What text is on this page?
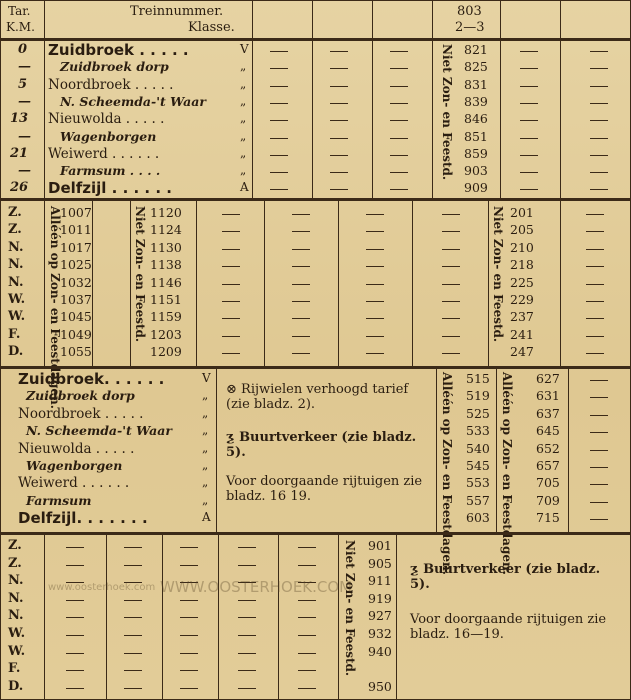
Tar.
K.M.
Treinnummer.
Klasse.
803
2—3
0 Zuidbroek . . . . .	V	821
— Zuidbroek dorp	„	825
5 Noordbroek . . . . .	„	831
— N. Scheemda-'t Waar	„	839
13 Nieuwolda . . . . .	„	846
— Wagenborgen	„	851
21 Weiwerd . . . . . .	„	859
— Farmsum . . . .	„	903
26 Delfzijl . . . . . .	A	909
Niet Zon- en Feestd.
Z.	1007	1120	201
Z.	1011	1124	205
N.	1017	1130	210
N.	1025	1138	218
N.	1032	1146	225
W.	1037	1151	229
W.	1045	1159	237
F.	1049	1203	241
D.	1055	1209	247
Alléén op Zon- en Feestdagen.	Niet Zon- en Feestd.	Niet Zon- en Feestd.
Zuidbroek. . . . . .	V	515	627
Zuidbroek dorp	„	519	631
Noordbroek . . . . .	„	525	637
N. Scheemda-'t Waar	„	533	645
Nieuwolda . . . . .	„	540	652
Wagenborgen	„	545	657
Weiwerd . . . . . .	„	553	705
Farmsum	„	557	709
Delfzijl. . . . . . .	A	603	715
⊗ Rijwielen verhoogd tarief (zie bladz. 2).
ƺ Buurtverkeer (zie bladz. 5).
Voor doorgaande rijtuigen zie bladz. 16 19.	Alléén op Zon- en Feestdagen.	Alléén op Zon- en Feestdagen.
Z.	901
Z.	905
N.	911
N.	919
N.	927
W.	932
W.	940
F.
D.	950
Niet Zon- en Feestd.	ƺ Buurtverkeer (zie bladz. 5).
Voor doorgaande rijtuigen zie bladz. 16—19.
www.oosterhoek.com WWW.OOSTERHOEK.COM
